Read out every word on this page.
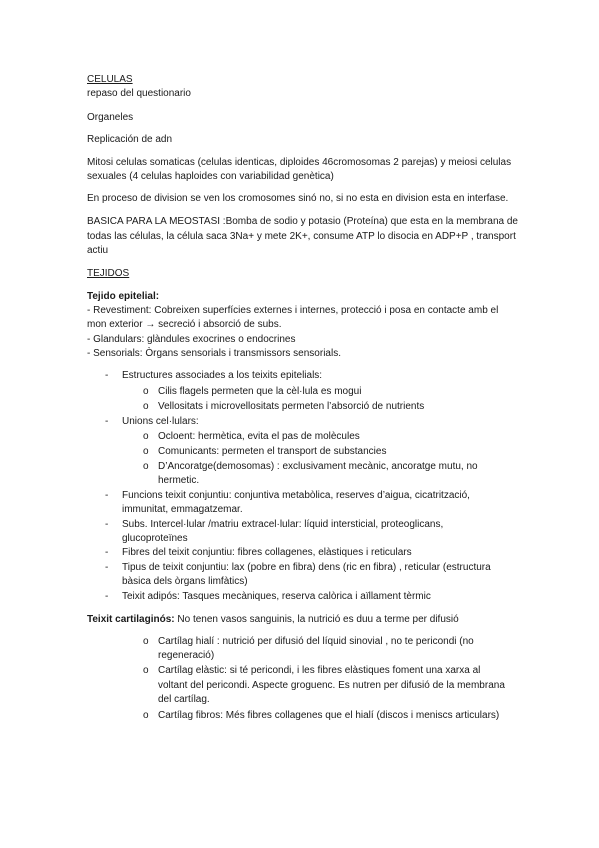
CELULAS
repaso del questionario
Organeles
Replicación de adn
Mitosi celulas somaticas (celulas identicas, diploides 46cromosomas 2 parejas) y meiosi celulas
sexuales (4 celulas haploides con variabilidad genètica)
En proceso de division se ven los cromosomes sinó no, si no esta en division esta en interfase.
BASICA PARA LA MEOSTASI :Bomba de sodio y potasio (Proteína) que esta en la membrana de
todas las células, la célula saca 3Na+ y mete 2K+, consume ATP lo disocia en ADP+P , transport
actiu
TEJIDOS
Tejido epitelial:
- Revestiment: Cobreixen superfícies externes i internes, protecció i posa en contacte amb el
mon exterior → secreció i absorció de subs.
- Glandulars: glàndules exocrines o endocrines
- Sensorials: Òrgans sensorials i transmissors sensorials.
- Estructures associades a los teixits epitelials:
o Cilis flagels permeten que la cèl·lula es mogui
o Vellositats i microvellositats permeten l’absorció de nutrients
- Unions cel·lulars:
o Ocloent: hermètica, evita el pas de molècules
o Comunicants: permeten el transport de substancies
o D’Ancoratge(demosomas) : exclusivament mecànic, ancoratge mutu, no
hermetic.
- Funcions teixit conjuntiu: conjuntiva metabòlica, reserves d’aigua, cicatrització,
immunitat, emmagatzemar.
- Subs. Intercel·lular /matriu extracel·lular: líquid intersticial, proteoglicans,
glucoproteïnes
- Fibres del teixit conjuntiu: fibres collagenes, elàstiques i reticulars
- Tipus de teixit conjuntiu: lax (pobre en fibra) dens (ric en fibra) , reticular (estructura
bàsica dels òrgans limfàtics)
- Teixit adipós: Tasques mecàniques, reserva calòrica i aïllament tèrmic
Teixit cartilaginós: No tenen vasos sanguinis, la nutrició es duu a terme per difusió
o Cartílag hialí : nutrició per difusió del líquid sinovial , no te pericondi (no
regeneració)
o Cartílag elàstic: si té pericondi, i les fibres elàstiques foment una xarxa al
voltant del pericondi. Aspecte groguenc. Es nutren per difusió de la membrana
del cartílag.
o Cartílag fibros: Més fibres collagenes que el hialí (discos i meniscs articulars)
